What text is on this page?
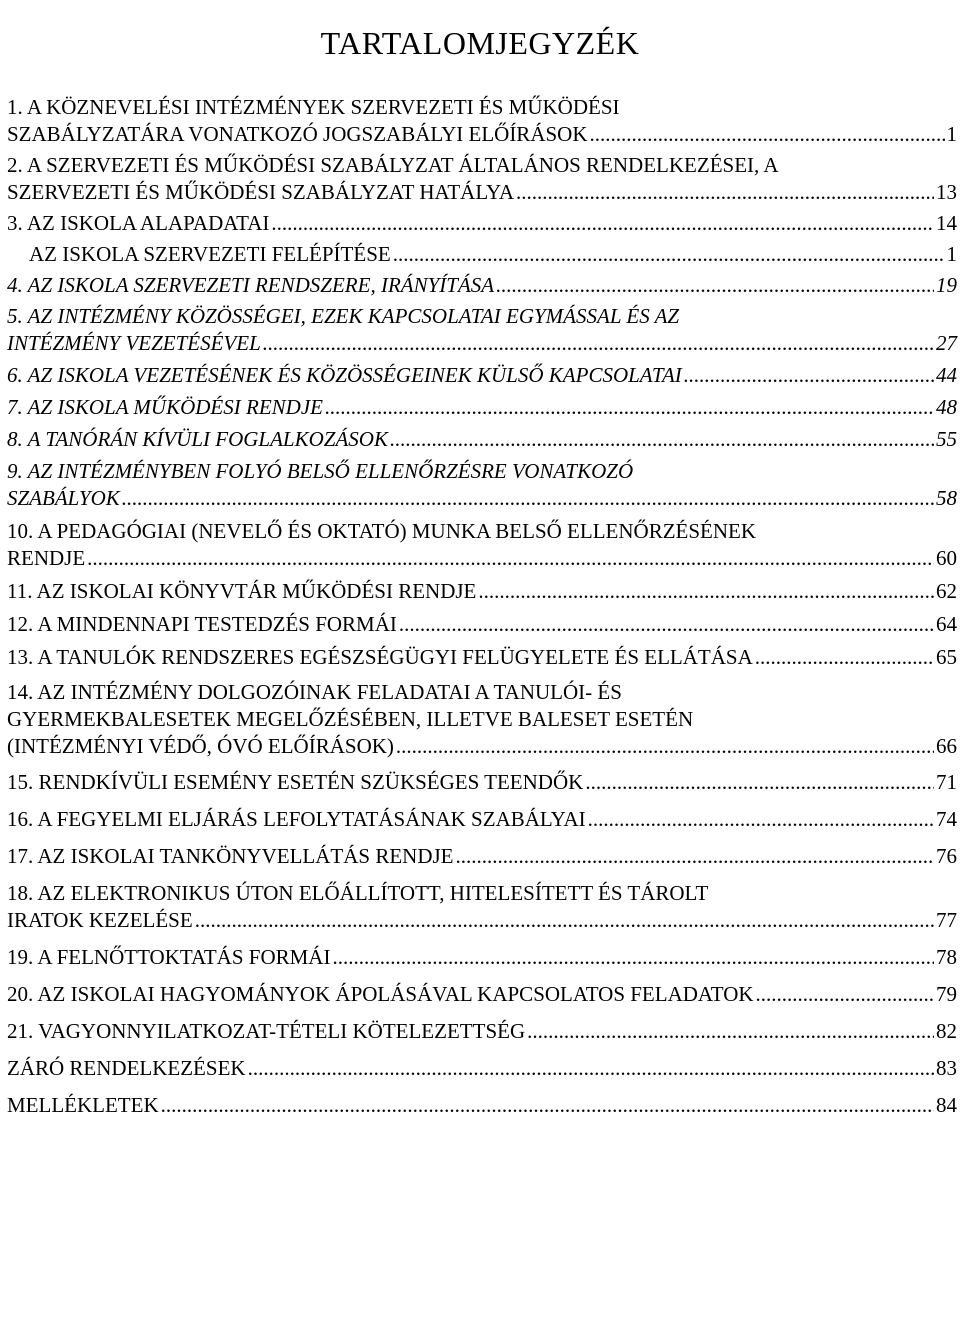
TARTALOMJEGYZÉK
1. A KÖZNEVELÉSI INTÉZMÉNYEK SZERVEZETI ÉS MŰKÖDÉSI
SZABÁLYZATÁRA VONATKOZÓ JOGSZABÁLYI ELŐÍRÁSOK .....	1
2. A SZERVEZETI ÉS MŰKÖDÉSI SZABÁLYZAT ÁLTALÁNOS RENDELKEZÉSEI, A
SZERVEZETI ÉS MŰKÖDÉSI SZABÁLYZAT HATÁLYA .....	13
3. AZ ISKOLA ALAPADATAI .....	14
AZ ISKOLA SZERVEZETI FELÉPÍTÉSE .....	1
4. AZ ISKOLA SZERVEZETI RENDSZERE, IRÁNYÍTÁSA .....	19
5. AZ INTÉZMÉNY KÖZÖSSÉGEI, EZEK KAPCSOLATAI EGYMÁSSAL ÉS AZ
INTÉZMÉNY VEZETÉSÉVEL .....	27
6. AZ ISKOLA VEZETÉSÉNEK ÉS KÖZÖSSÉGEINEK KÜLSŐ KAPCSOLATAI .....	44
7. AZ ISKOLA MŰKÖDÉSI RENDJE .....	48
8. A TANÓRÁN KÍVÜLI FOGLALKOZÁSOK .....	55
9. AZ INTÉZMÉNYBEN FOLYÓ BELSŐ ELLENŐRZÉSRE VONATKOZÓ
SZABÁLYOK .....	58
10. A PEDAGÓGIAI (NEVELŐ ÉS OKTATÓ) MUNKA BELSŐ ELLENŐRZÉSÉNEK
RENDJE .....	60
11. AZ ISKOLAI KÖNYVTÁR MŰKÖDÉSI RENDJE .....	62
12. A MINDENNAPI TESTEDZÉS FORMÁI .....	64
13. A TANULÓK RENDSZERES EGÉSZSÉGÜGYI FELÜGYELETE ÉS ELLÁTÁSA .....	65
14. AZ INTÉZMÉNY DOLGOZÓINAK FELADATAI A TANULÓI- ÉS
GYERMEKBALESETEK MEGELŐZÉSÉBEN, ILLETVE BALESET ESETÉN
(INTÉZMÉNYI VÉDŐ, ÓVÓ ELŐÍRÁSOK) .....	66
15. RENDKÍVÜLI ESEMÉNY ESETÉN SZÜKSÉGES TEENDŐK .....	71
16. A FEGYELMI ELJÁRÁS LEFOLYTATÁSÁNAK SZABÁLYAI .....	74
17. AZ ISKOLAI TANKÖNYVELLÁTÁS RENDJE .....	76
18. AZ ELEKTRONIKUS ÚTON ELŐÁLLÍTOTT, HITELESÍTETT ÉS TÁROLT
IRATOK KEZELÉSE .....	77
19. A FELNŐTTOKTATÁS FORMÁI .....	78
20. AZ ISKOLAI HAGYOMÁNYOK ÁPOLÁSÁVAL KAPCSOLATOS FELADATOK .....	79
21. VAGYONNYILATKOZAT-TÉTELI KÖTELEZETTSÉG .....	82
ZÁRÓ RENDELKEZÉSEK .....	83
MELLÉKLETEK .....	84
